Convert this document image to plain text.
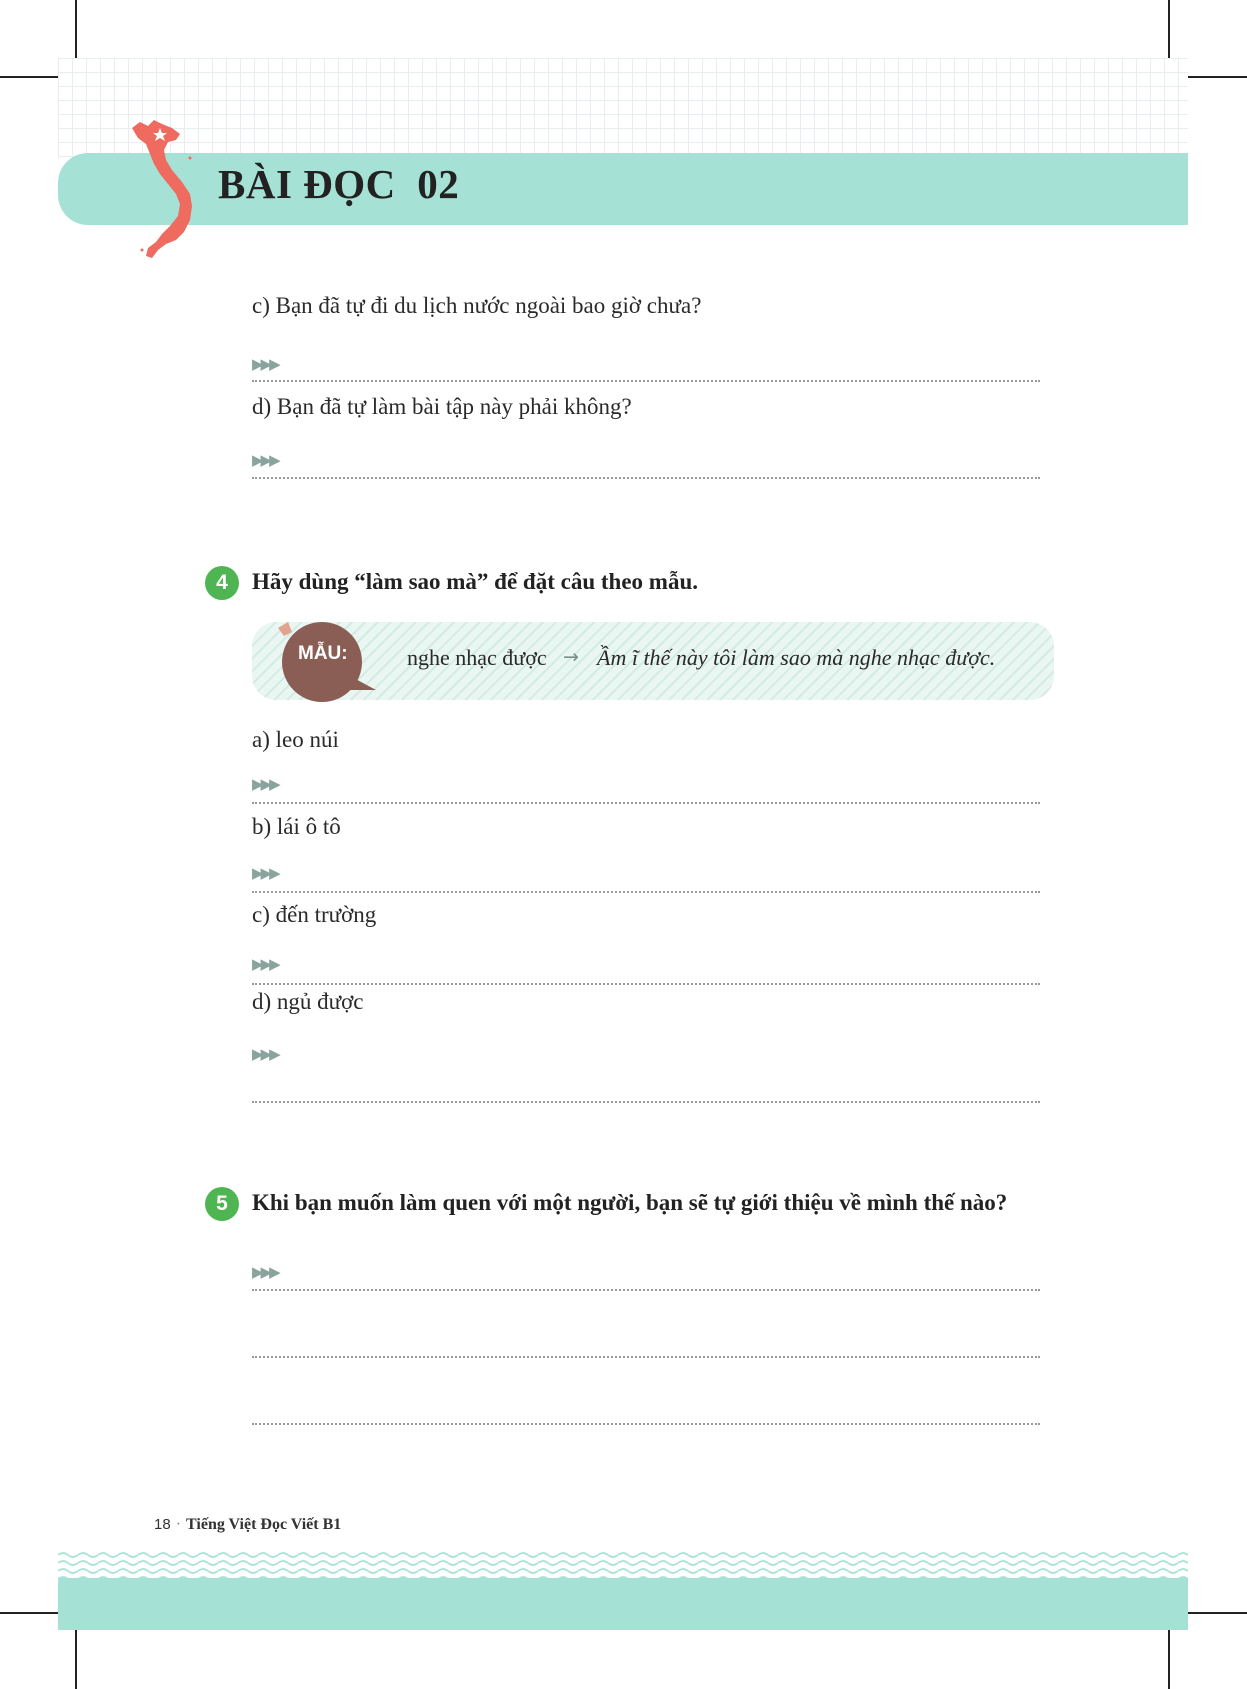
BÀI ĐỌC  02
c) Bạn đã tự đi du lịch nước ngoài bao giờ chưa?
▶▶▶
d) Bạn đã tự làm bài tập này phải không?
▶▶▶
4	Hãy dùng “làm sao mà” để đặt câu theo mẫu.
MẪU:	nghe nhạc được → Ầm ĩ thế này tôi làm sao mà nghe nhạc được.
a) leo núi
▶▶▶
b) lái ô tô
▶▶▶
c) đến trường
▶▶▶
d) ngủ được
▶▶▶
5	Khi bạn muốn làm quen với một người, bạn sẽ tự giới thiệu về mình thế nào?
▶▶▶
18 · Tiếng Việt Đọc Viết B1
